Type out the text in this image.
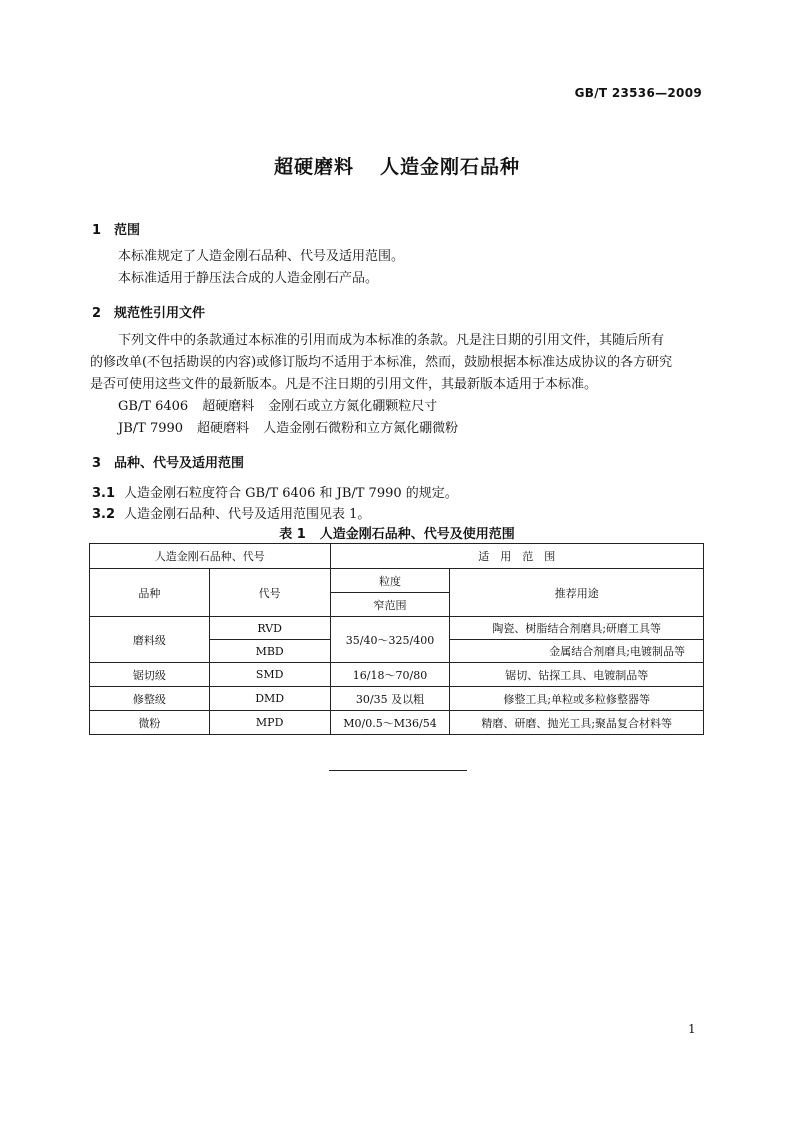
GB/T 23536—2009
超硬磨料 人造金刚石品种
1 范围
本标准规定了人造金刚石品种、代号及适用范围。
本标准适用于静压法合成的人造金刚石产品。
2 规范性引用文件
下列文件中的条款通过本标准的引用而成为本标准的条款。凡是注日期的引用文件，其随后所有
的修改单(不包括勘误的内容)或修订版均不适用于本标准，然而，鼓励根据本标准达成协议的各方研究
是否可使用这些文件的最新版本。凡是不注日期的引用文件，其最新版本适用于本标准。
GB/T 6406 超硬磨料 金刚石或立方氮化硼颗粒尺寸
JB/T 7990 超硬磨料 人造金刚石微粉和立方氮化硼微粉
3 品种、代号及适用范围
3.1 人造金刚石粒度符合 GB/T 6406 和 JB/T 7990 的规定。
3.2 人造金刚石品种、代号及适用范围见表 1。
表 1 人造金刚石品种、代号及使用范围
人造金刚石品种、代号		适　用　范　围	
品种	代号	粒度	推荐用途
		窄范围	
磨料级	RVD	35/40～325/400	陶瓷、树脂结合剂磨具;研磨工具等
	MBD		金属结合剂磨具;电镀制品等
锯切级	SMD	16/18～70/80	锯切、钻探工具、电镀制品等
修整级	DMD	30/35 及以粗	修整工具;单粒或多粒修整器等
微粉	MPD	M0/0.5～M36/54	精磨、研磨、抛光工具;聚晶复合材料等
1
